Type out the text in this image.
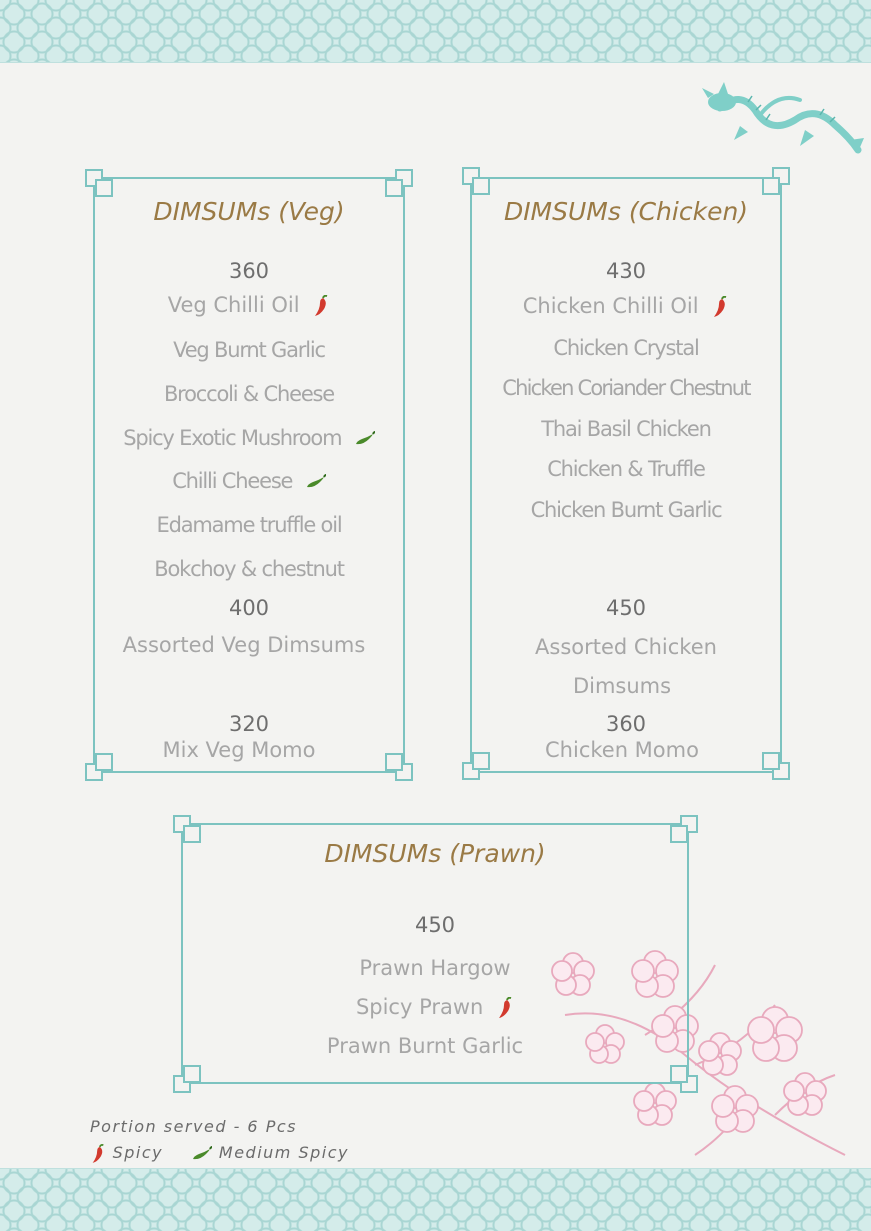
DIMSUMs (Veg)
360
Veg Chilli Oil
Veg Burnt Garlic
Broccoli & Cheese
Spicy Exotic Mushroom
Chilli Cheese
Edamame truffle oil
Bokchoy & chestnut
400
Assorted Veg Dimsums
320
Mix Veg Momo
DIMSUMs (Chicken)
430
Chicken Chilli Oil
Chicken Crystal
Chicken Coriander Chestnut
Thai Basil Chicken
Chicken & Truffle
Chicken Burnt Garlic
450
Assorted Chicken
Dimsums
360
Chicken Momo
DIMSUMs (Prawn)
450
Prawn Hargow
Spicy Prawn
Prawn Burnt Garlic
Portion served - 6 Pcs
Spicy	Medium Spicy
